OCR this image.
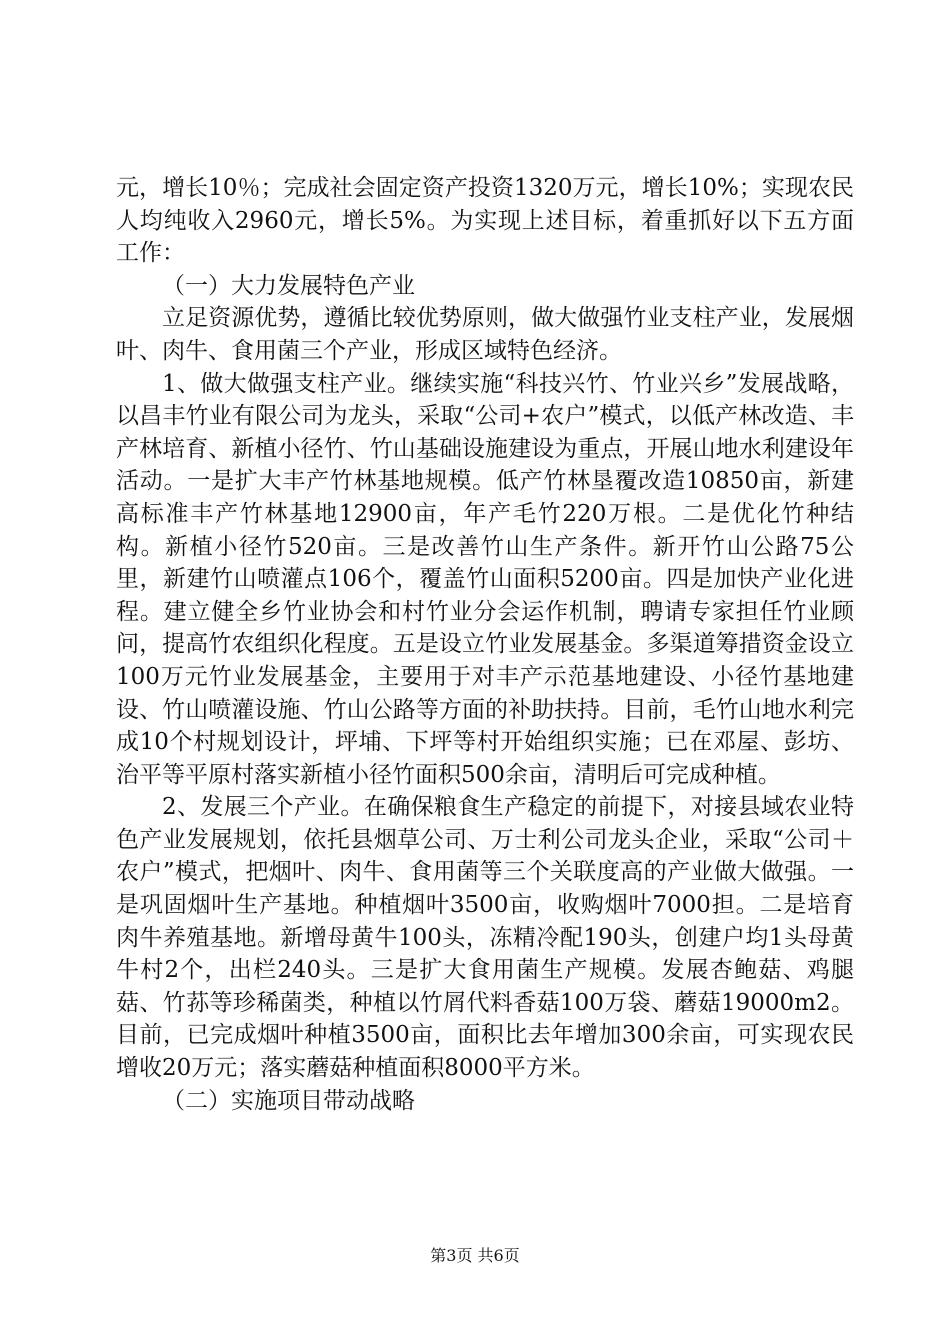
元，增长10％；完成社会固定资产投资1320万元，增长10%；实现农民人均纯收入2960元，增长5%。为实现上述目标，着重抓好以下五方面工作：

（一）大力发展特色产业

立足资源优势，遵循比较优势原则，做大做强竹业支柱产业，发展烟叶、肉牛、食用菌三个产业，形成区域特色经济。

1、做大做强支柱产业。继续实施“科技兴竹、竹业兴乡”发展战略，以昌丰竹业有限公司为龙头，采取“公司+农户”模式，以低产林改造、丰产林培育、新植小径竹、竹山基础设施建设为重点，开展山地水利建设年活动。一是扩大丰产竹林基地规模。低产竹林垦覆改造10850亩，新建高标准丰产竹林基地12900亩，年产毛竹220万根。二是优化竹种结构。新植小径竹520亩。三是改善竹山生产条件。新开竹山公路75公里，新建竹山喷灌点106个，覆盖竹山面积5200亩。四是加快产业化进程。建立健全乡竹业协会和村竹业分会运作机制，聘请专家担任竹业顾问，提高竹农组织化程度。五是设立竹业发展基金。多渠道筹措资金设立100万元竹业发展基金，主要用于对丰产示范基地建设、小径竹基地建设、竹山喷灌设施、竹山公路等方面的补助扶持。目前，毛竹山地水利完成10个村规划设计，坪埔、下坪等村开始组织实施；已在邓屋、彭坊、治平等平原村落实新植小径竹面积500余亩，清明后可完成种植。

2、发展三个产业。在确保粮食生产稳定的前提下，对接县域农业特色产业发展规划，依托县烟草公司、万士利公司龙头企业，采取“公司＋农户”模式，把烟叶、肉牛、食用菌等三个关联度高的产业做大做强。一是巩固烟叶生产基地。种植烟叶3500亩，收购烟叶7000担。二是培育肉牛养殖基地。新增母黄牛100头，冻精冷配190头，创建户均1头母黄牛村2个，出栏240头。三是扩大食用菌生产规模。发展杏鲍菇、鸡腿菇、竹荪等珍稀菌类，种植以竹屑代料香菇100万袋、蘑菇19000m2。目前，已完成烟叶种植3500亩，面积比去年增加300余亩，可实现农民增收20万元；落实蘑菇种植面积8000平方米。

（二）实施项目带动战略

第3页 共6页
